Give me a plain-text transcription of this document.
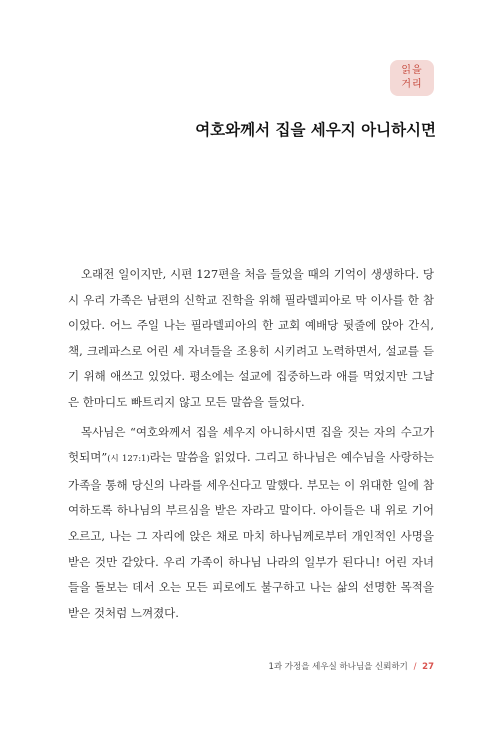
읽을
거리
여호와께서 집을 세우지 아니하시면

오래전 일이지만, 시편 127편을 처음 들었을 때의 기억이 생생하다. 당시 우리 가족은 남편의 신학교 진학을 위해 필라델피아로 막 이사를 한 참이었다. 어느 주일 나는 필라델피아의 한 교회 예배당 뒷줄에 앉아 간식, 책, 크레파스로 어린 세 자녀들을 조용히 시키려고 노력하면서, 설교를 듣기 위해 애쓰고 있었다. 평소에는 설교에 집중하느라 애를 먹었지만 그날은 한마디도 빠트리지 않고 모든 말씀을 들었다.

목사님은 “여호와께서 집을 세우지 아니하시면 집을 짓는 자의 수고가 헛되며”(시 127:1)라는 말씀을 읽었다. 그리고 하나님은 예수님을 사랑하는 가족을 통해 당신의 나라를 세우신다고 말했다. 부모는 이 위대한 일에 참여하도록 하나님의 부르심을 받은 자라고 말이다. 아이들은 내 위로 기어오르고, 나는 그 자리에 앉은 채로 마치 하나님께로부터 개인적인 사명을 받은 것만 같았다. 우리 가족이 하나님 나라의 일부가 된다니! 어린 자녀들을 돌보는 데서 오는 모든 피로에도 불구하고 나는 삶의 선명한 목적을 받은 것처럼 느껴졌다.

1과 가정을 세우실 하나님을 신뢰하기 / 27
